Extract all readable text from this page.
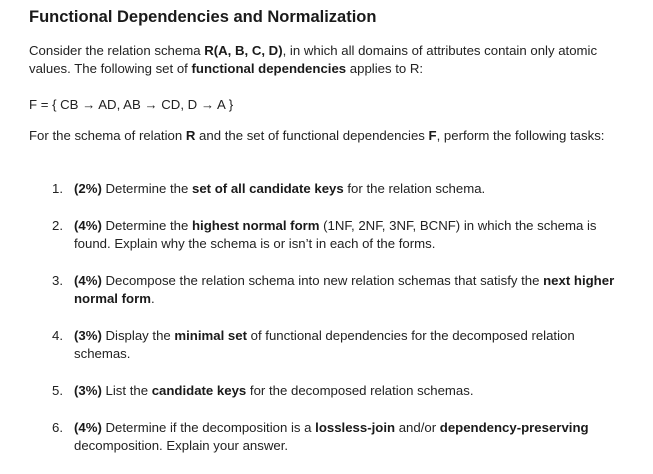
Functional Dependencies and Normalization

Consider the relation schema R(A, B, C, D), in which all domains of attributes contain only atomic values. The following set of functional dependencies applies to R:

F = { CB → AD, AB → CD, D → A }

For the schema of relation R and the set of functional dependencies F, perform the following tasks:

1. (2%) Determine the set of all candidate keys for the relation schema.
2. (4%) Determine the highest normal form (1NF, 2NF, 3NF, BCNF) in which the schema is found. Explain why the schema is or isn’t in each of the forms.
3. (4%) Decompose the relation schema into new relation schemas that satisfy the next higher normal form.
4. (3%) Display the minimal set of functional dependencies for the decomposed relation schemas.
5. (3%) List the candidate keys for the decomposed relation schemas.
6. (4%) Determine if the decomposition is a lossless-join and/or dependency-preserving decomposition. Explain your answer.
